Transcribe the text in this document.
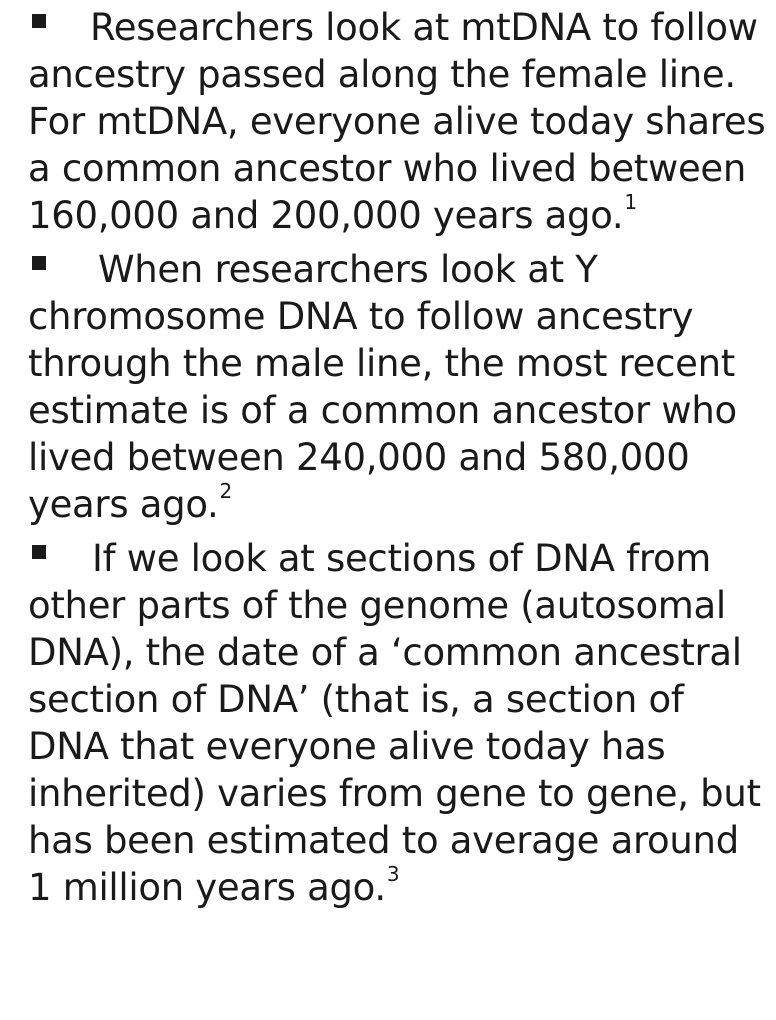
Researchers look at mtDNA to follow ancestry passed along the female line. For mtDNA, everyone alive today shares a common ancestor who lived between 160,000 and 200,000 years ago.$^1$

When researchers look at Y chromosome DNA to follow ancestry through the male line, the most recent estimate is of a common ancestor who lived between 240,000 and 580,000 years ago.$^2$

If we look at sections of DNA from other parts of the genome (autosomal DNA), the date of a ‘common ancestral section of DNA’ (that is, a section of DNA that everyone alive today has inherited) varies from gene to gene, but has been estimated to average around 1 million years ago.$^3$
